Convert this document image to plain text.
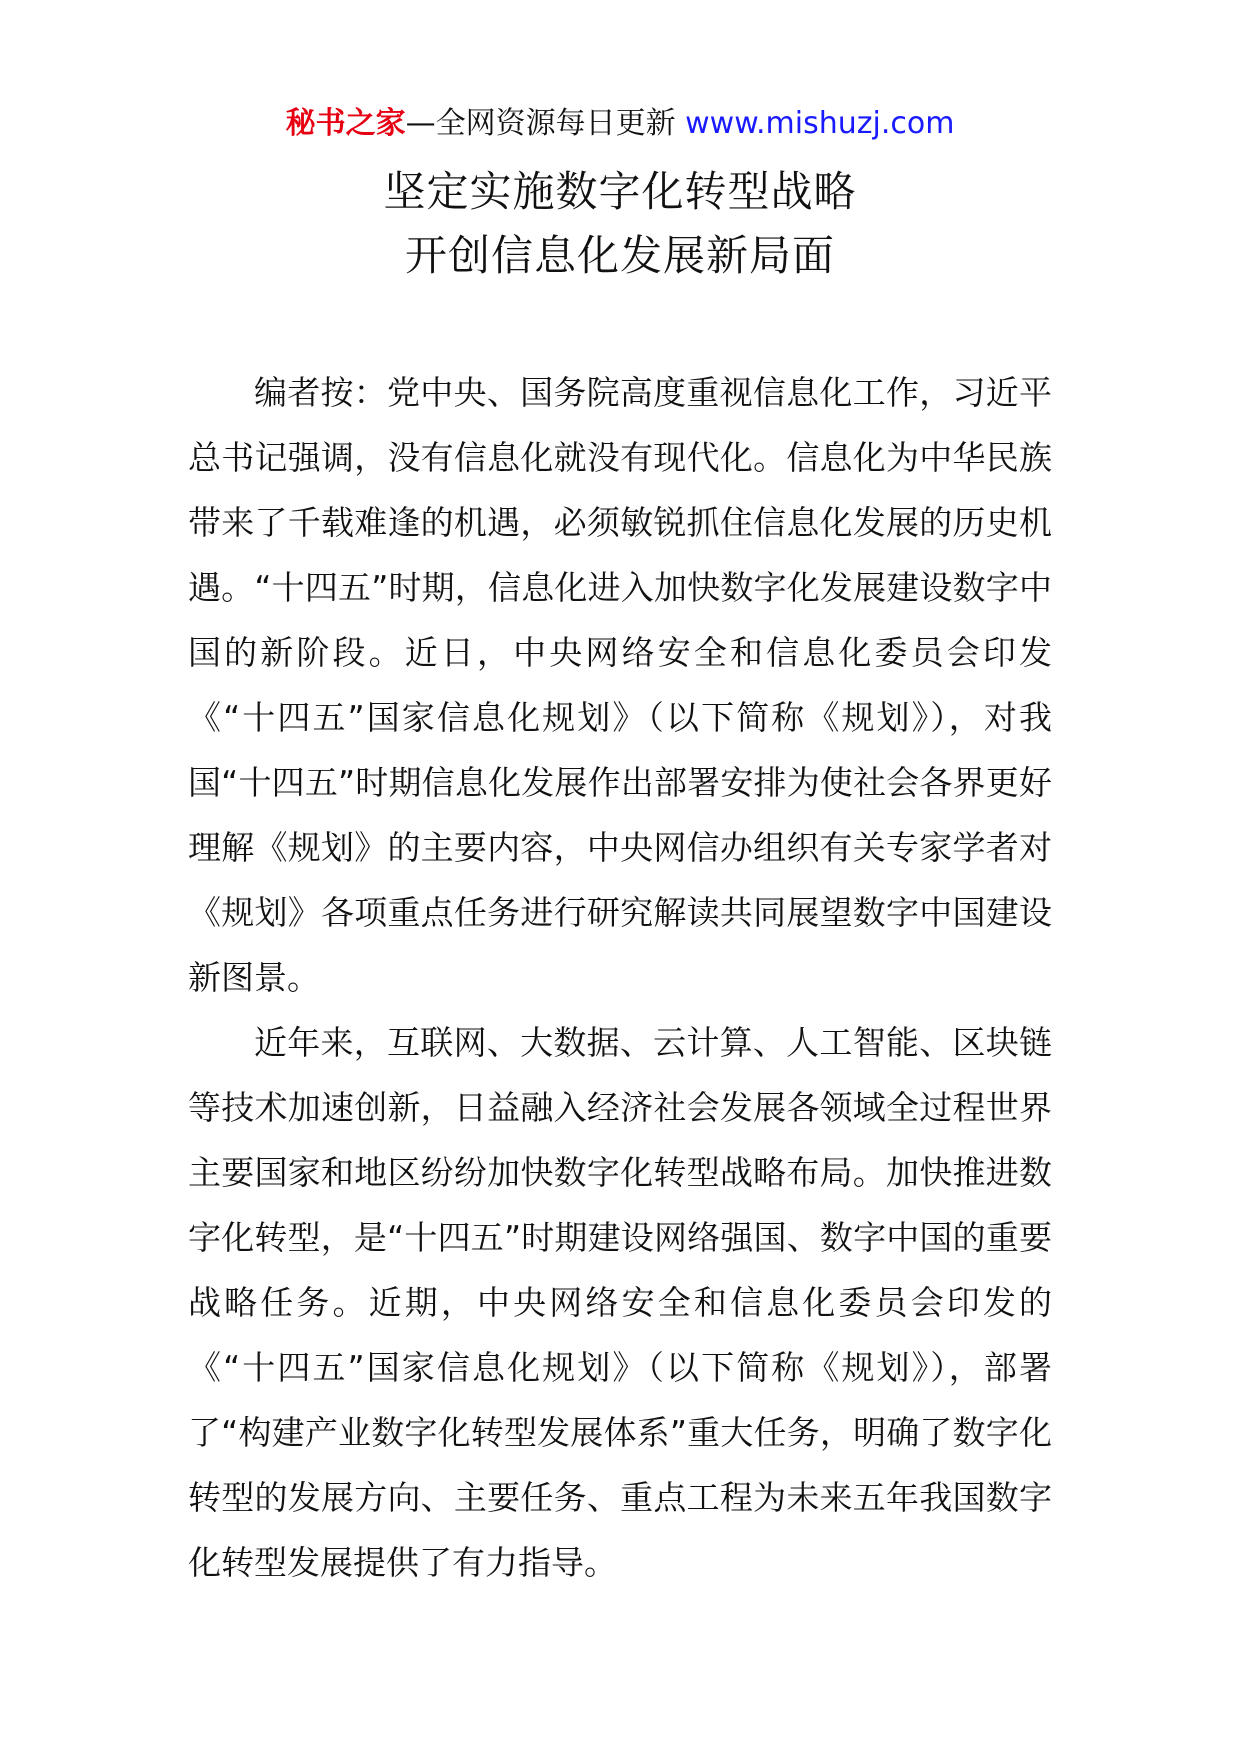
秘书之家—全网资源每日更新 www.mishuzj.com
坚定实施数字化转型战略
开创信息化发展新局面

编者按：党中央、国务院高度重视信息化工作，习近平总书记强调，没有信息化就没有现代化。信息化为中华民族带来了千载难逢的机遇，必须敏锐抓住信息化发展的历史机遇。“十四五”时期，信息化进入加快数字化发展建设数字中国的新阶段。近日，中央网络安全和信息化委员会印发《“十四五”国家信息化规划》（以下简称《规划》），对我国“十四五”时期信息化发展作出部署安排为使社会各界更好理解《规划》的主要内容，中央网信办组织有关专家学者对《规划》各项重点任务进行研究解读共同展望数字中国建设新图景。

近年来，互联网、大数据、云计算、人工智能、区块链等技术加速创新，日益融入经济社会发展各领域全过程世界主要国家和地区纷纷加快数字化转型战略布局。加快推进数字化转型，是“十四五”时期建设网络强国、数字中国的重要战略任务。近期，中央网络安全和信息化委员会印发的《“十四五”国家信息化规划》（以下简称《规划》），部署了“构建产业数字化转型发展体系”重大任务，明确了数字化转型的发展方向、主要任务、重点工程为未来五年我国数字化转型发展提供了有力指导。
